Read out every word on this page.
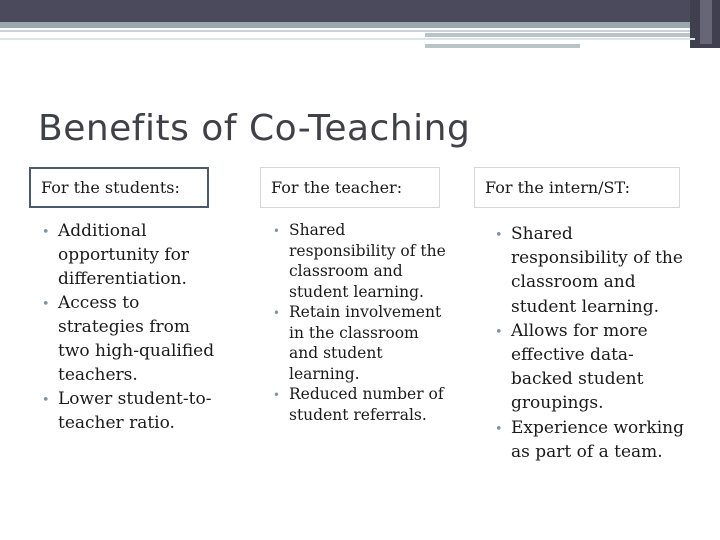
Benefits of Co-Teaching
For the students:
• Additional opportunity for differentiation.
• Access to strategies from two high-qualified teachers.
• Lower student-to-teacher ratio.
For the teacher:
• Shared responsibility of the classroom and student learning.
• Retain involvement in the classroom and student learning.
• Reduced number of student referrals.
For the intern/ST:
• Shared responsibility of the classroom and student learning.
• Allows for more effective data-backed student groupings.
• Experience working as part of a team.
